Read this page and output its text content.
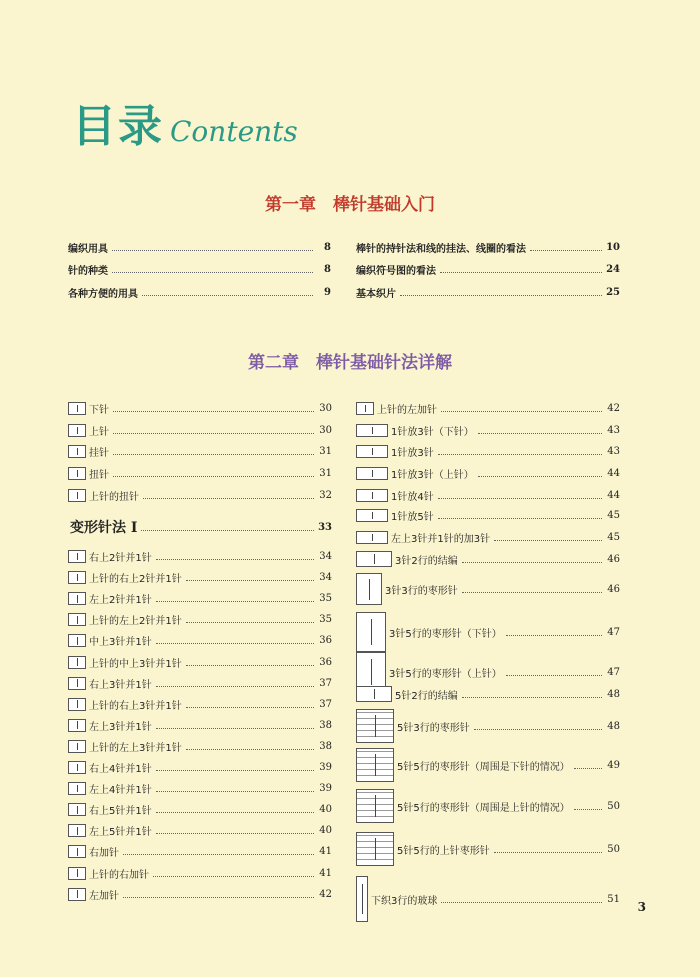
目录 Contents
第一章　棒针基础入门
编织用具	8
针的种类	8
各种方便的用具	9
棒针的持针法和线的挂法、线圈的看法	10
编织符号图的看法	24
基本织片	25
第二章　棒针基础针法详解
下针	30
上针	30
挂针	31
扭针	31
上针的扭针	32
变形针法 I	33
右上2针并1针	34
上针的右上2针并1针	34
左上2针并1针	35
上针的左上2针并1针	35
中上3针并1针	36
上针的中上3针并1针	36
右上3针并1针	37
上针的右上3针并1针	37
左上3针并1针	38
上针的左上3针并1针	38
右上4针并1针	39
左上4针并1针	39
右上5针并1针	40
左上5针并1针	40
右加针	41
上针的右加针	41
左加针	42
上针的左加针	42
1针放3针（下针）	43
1针放3针	43
1针放3针（上针）	44
1针放4针	44
1针放5针	45
左上3针并1针的加3针	45
3针2行的结编	46
3针3行的枣形针	46
3针5行的枣形针（下针）	47
3针5行的枣形针（上针）	47
5针2行的结编	48
5针3行的枣形针	48
5针5行的枣形针（周围是下针的情况）	49
5针5行的枣形针（周围是上针的情况）	50
5针5行的上针枣形针	50
下织3行的玻球	51
3
